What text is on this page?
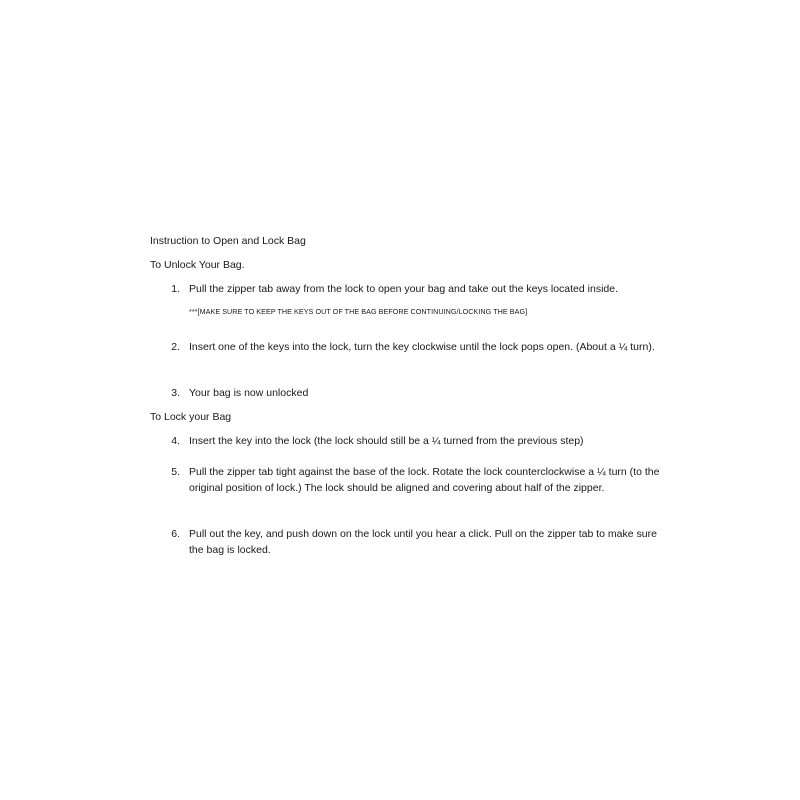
Instruction to Open and Lock Bag
To Unlock Your Bag.
1. Pull the zipper tab away from the lock to open your bag and take out the keys located inside.
***[MAKE SURE TO KEEP THE KEYS OUT OF THE BAG BEFORE CONTINUING/LOCKING THE BAG]
2. Insert one of the keys into the lock, turn the key clockwise until the lock pops open. (About a ¼ turn).
3. Your bag is now unlocked
To Lock your Bag
4. Insert the key into the lock (the lock should still be a ¼ turned from the previous step)
5. Pull the zipper tab tight against the base of the lock. Rotate the lock counterclockwise a ¼ turn (to the original position of lock.) The lock should be aligned and covering about half of the zipper.
6. Pull out the key, and push down on the lock until you hear a click. Pull on the zipper tab to make sure the bag is locked.
